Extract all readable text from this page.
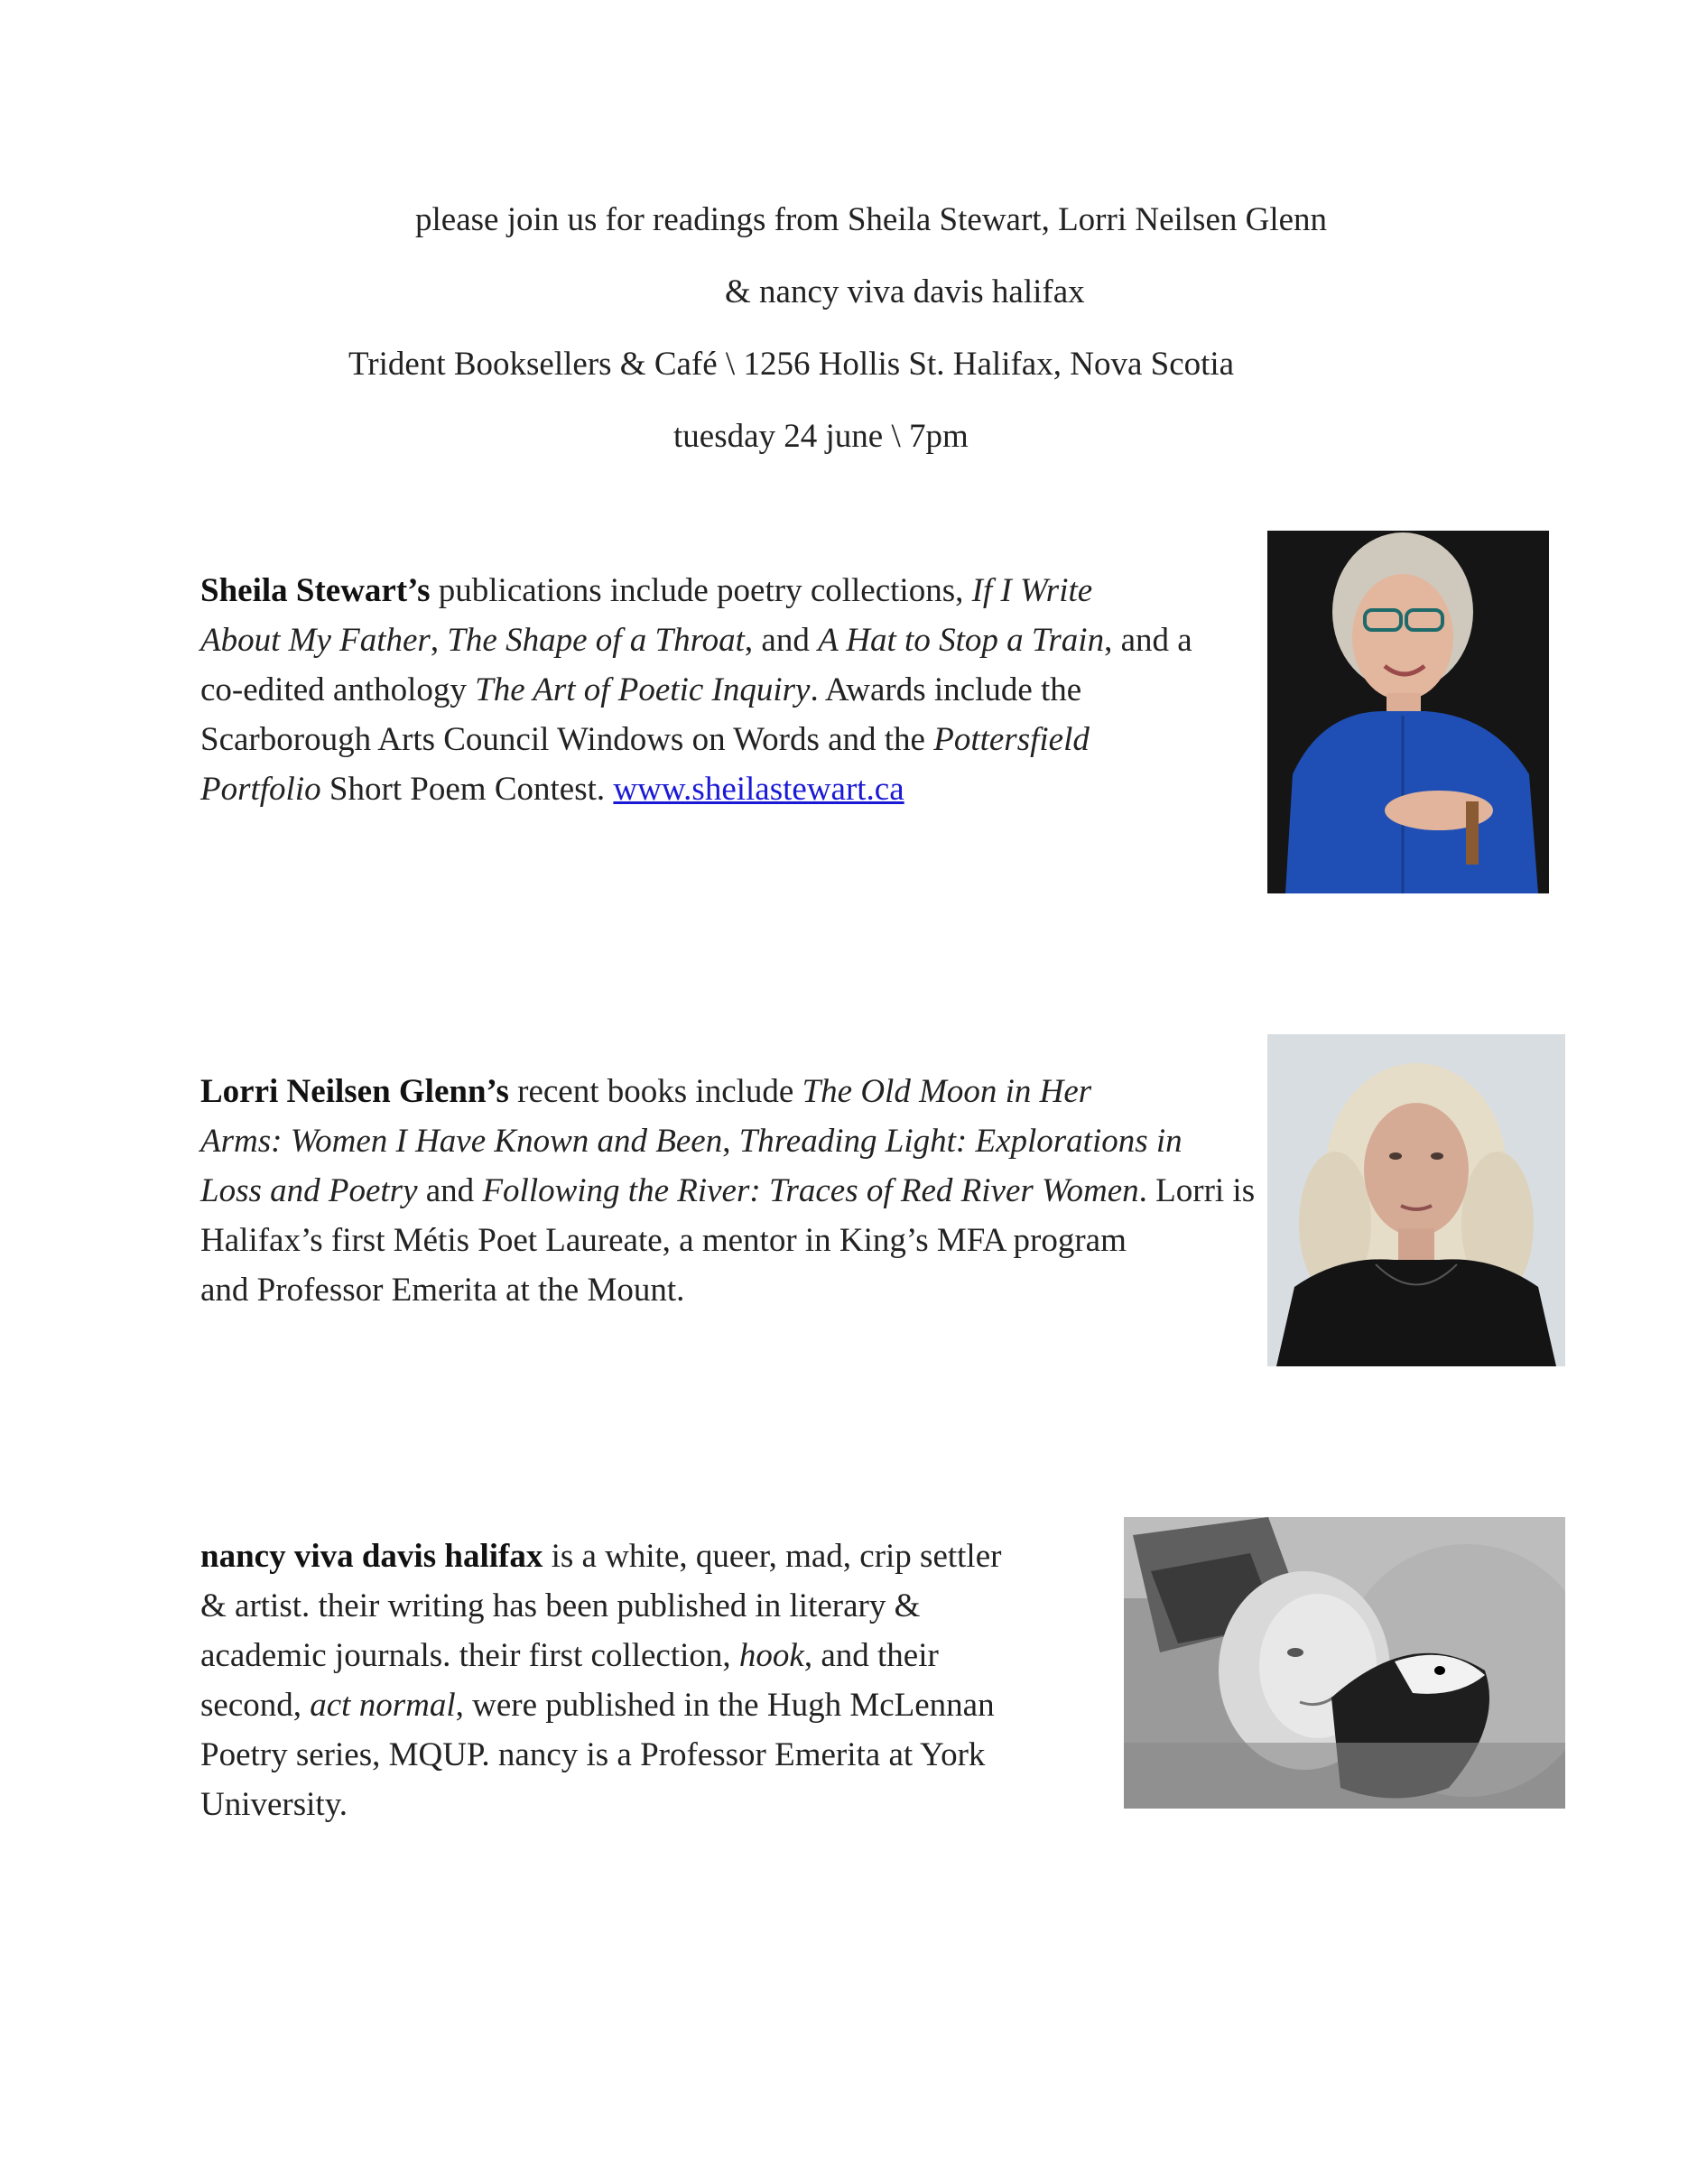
please join us for readings from Sheila Stewart, Lorri Neilsen Glenn
& nancy viva davis halifax
Trident Booksellers & Café \ 1256 Hollis St. Halifax, Nova Scotia
tuesday 24 june \ 7pm
Sheila Stewart’s publications include poetry collections, If I Write
About My Father, The Shape of a Throat, and A Hat to Stop a Train, and a
co-edited anthology The Art of Poetic Inquiry. Awards include the
Scarborough Arts Council Windows on Words and the Pottersfield
Portfolio Short Poem Contest. www.sheilastewart.ca
Lorri Neilsen Glenn’s recent books include The Old Moon in Her
Arms: Women I Have Known and Been, Threading Light: Explorations in
Loss and Poetry and Following the River: Traces of Red River Women. Lorri is
Halifax’s first Métis Poet Laureate, a mentor in King’s MFA program
and Professor Emerita at the Mount.
nancy viva davis halifax is a white, queer, mad, crip settler
& artist. their writing has been published in literary &
academic journals. their first collection, hook, and their
second, act normal, were published in the Hugh McLennan
Poetry series, MQUP. nancy is a Professor Emerita at York
University.
